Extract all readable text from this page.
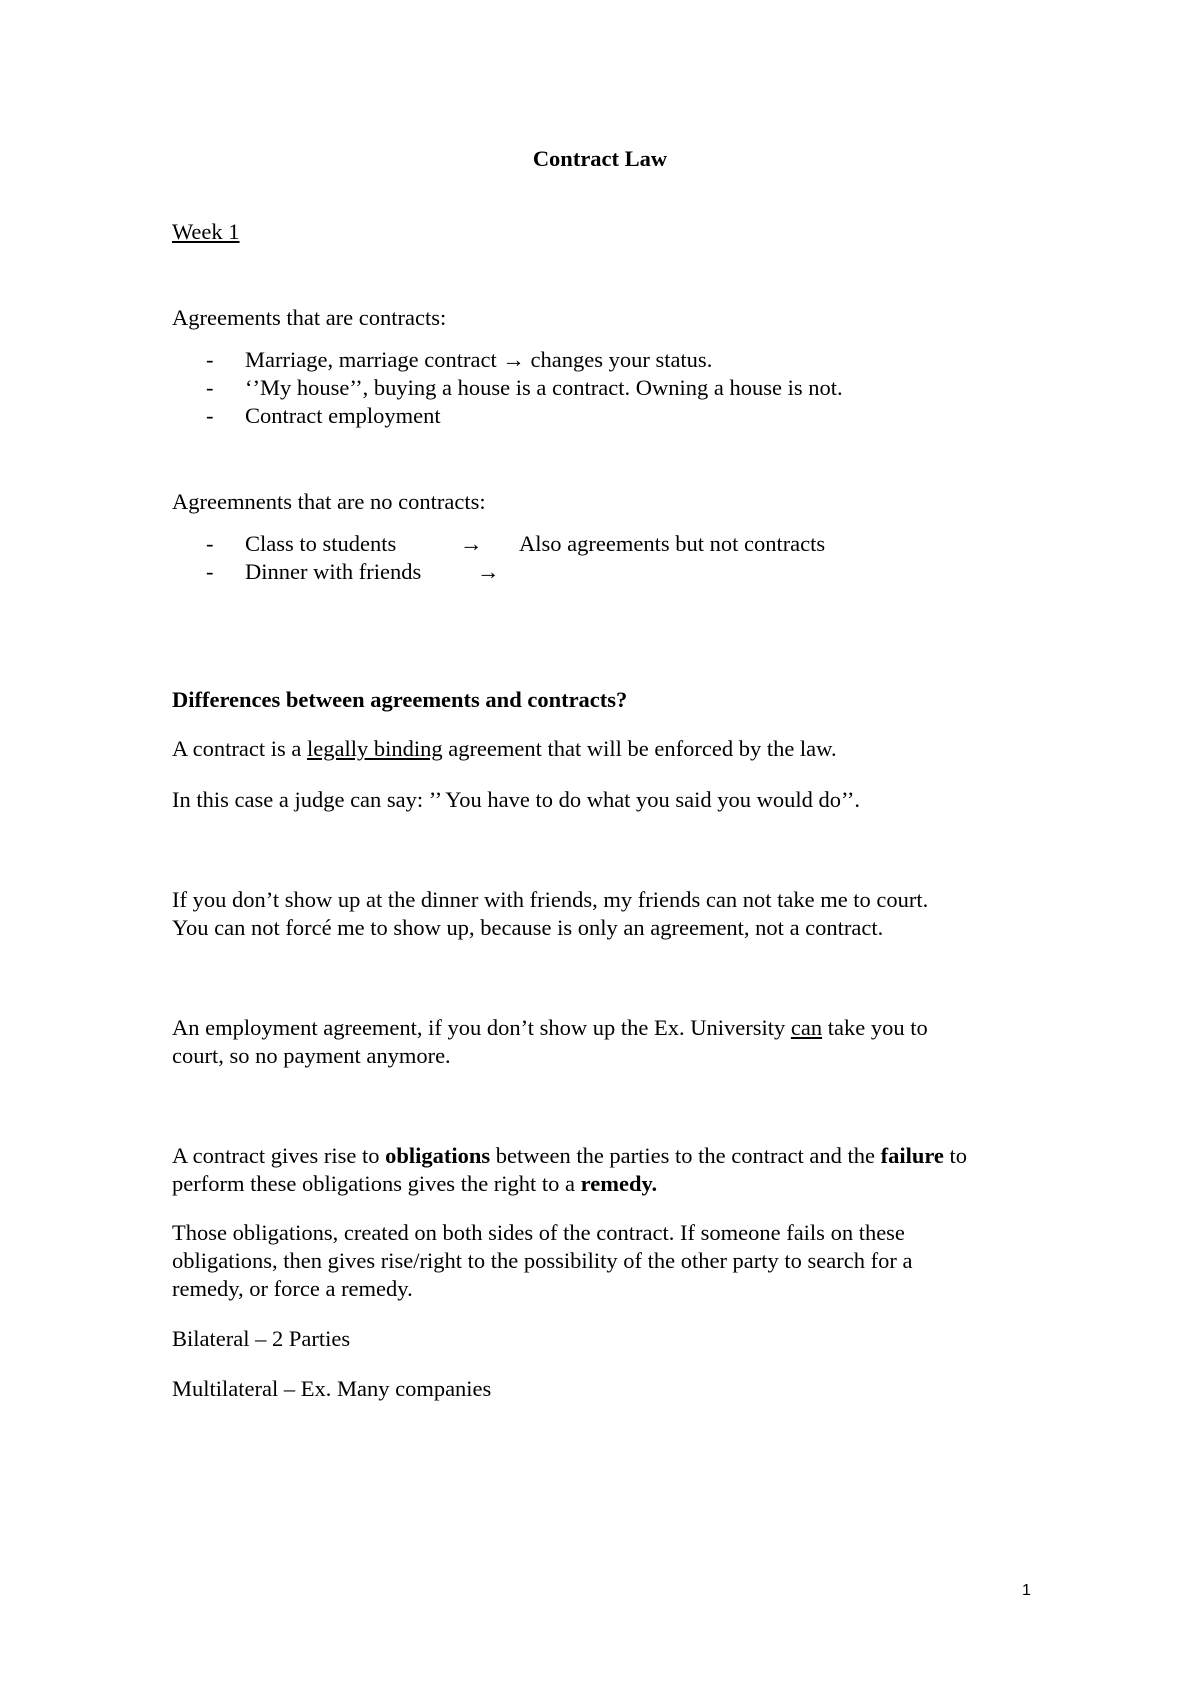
Contract Law
Week 1
Agreements that are contracts:
- Marriage, marriage contract → changes your status.
- ‘’My house’’, buying a house is a contract. Owning a house is not.
- Contract employment
Agreemnents that are no contracts:
- Class to students	→ Also agreements but not contracts
- Dinner with friends →
Differences between agreements and contracts?
A contract is a legally binding agreement that will be enforced by the law.
In this case a judge can say: ’’ You have to do what you said you would do’’.
If you don’t show up at the dinner with friends, my friends can not take me to court.
You can not forcé me to show up, because is only an agreement, not a contract.
An employment agreement, if you don’t show up the Ex. University can take you to
court, so no payment anymore.
A contract gives rise to obligations between the parties to the contract and the failure to
perform these obligations gives the right to a remedy.
Those obligations, created on both sides of the contract. If someone fails on these
obligations, then gives rise/right to the possibility of the other party to search for a
remedy, or force a remedy.
Bilateral – 2 Parties
Multilateral – Ex. Many companies
1
